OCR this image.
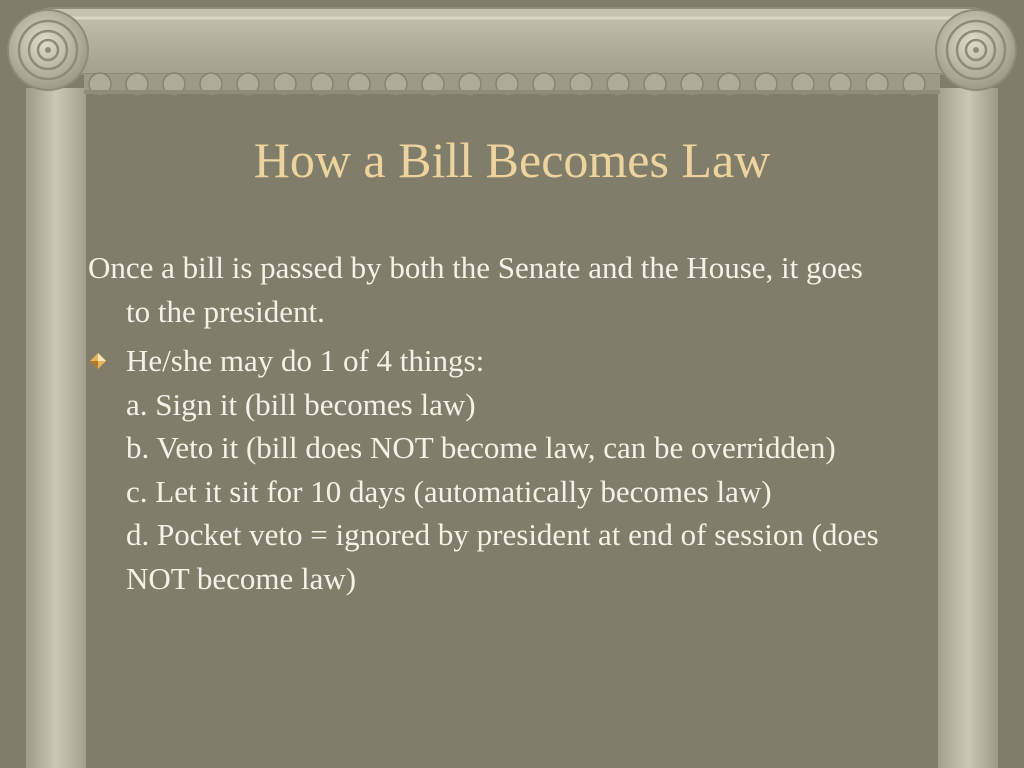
How a Bill Becomes Law

Once a bill is passed by both the Senate and the House, it goes to the president.

He/she may do 1 of 4 things:
a. Sign it (bill becomes law)
b. Veto it (bill does NOT become law, can be overridden)
c. Let it sit for 10 days (automatically becomes law)
d. Pocket veto = ignored by president at end of session (does NOT become law)
